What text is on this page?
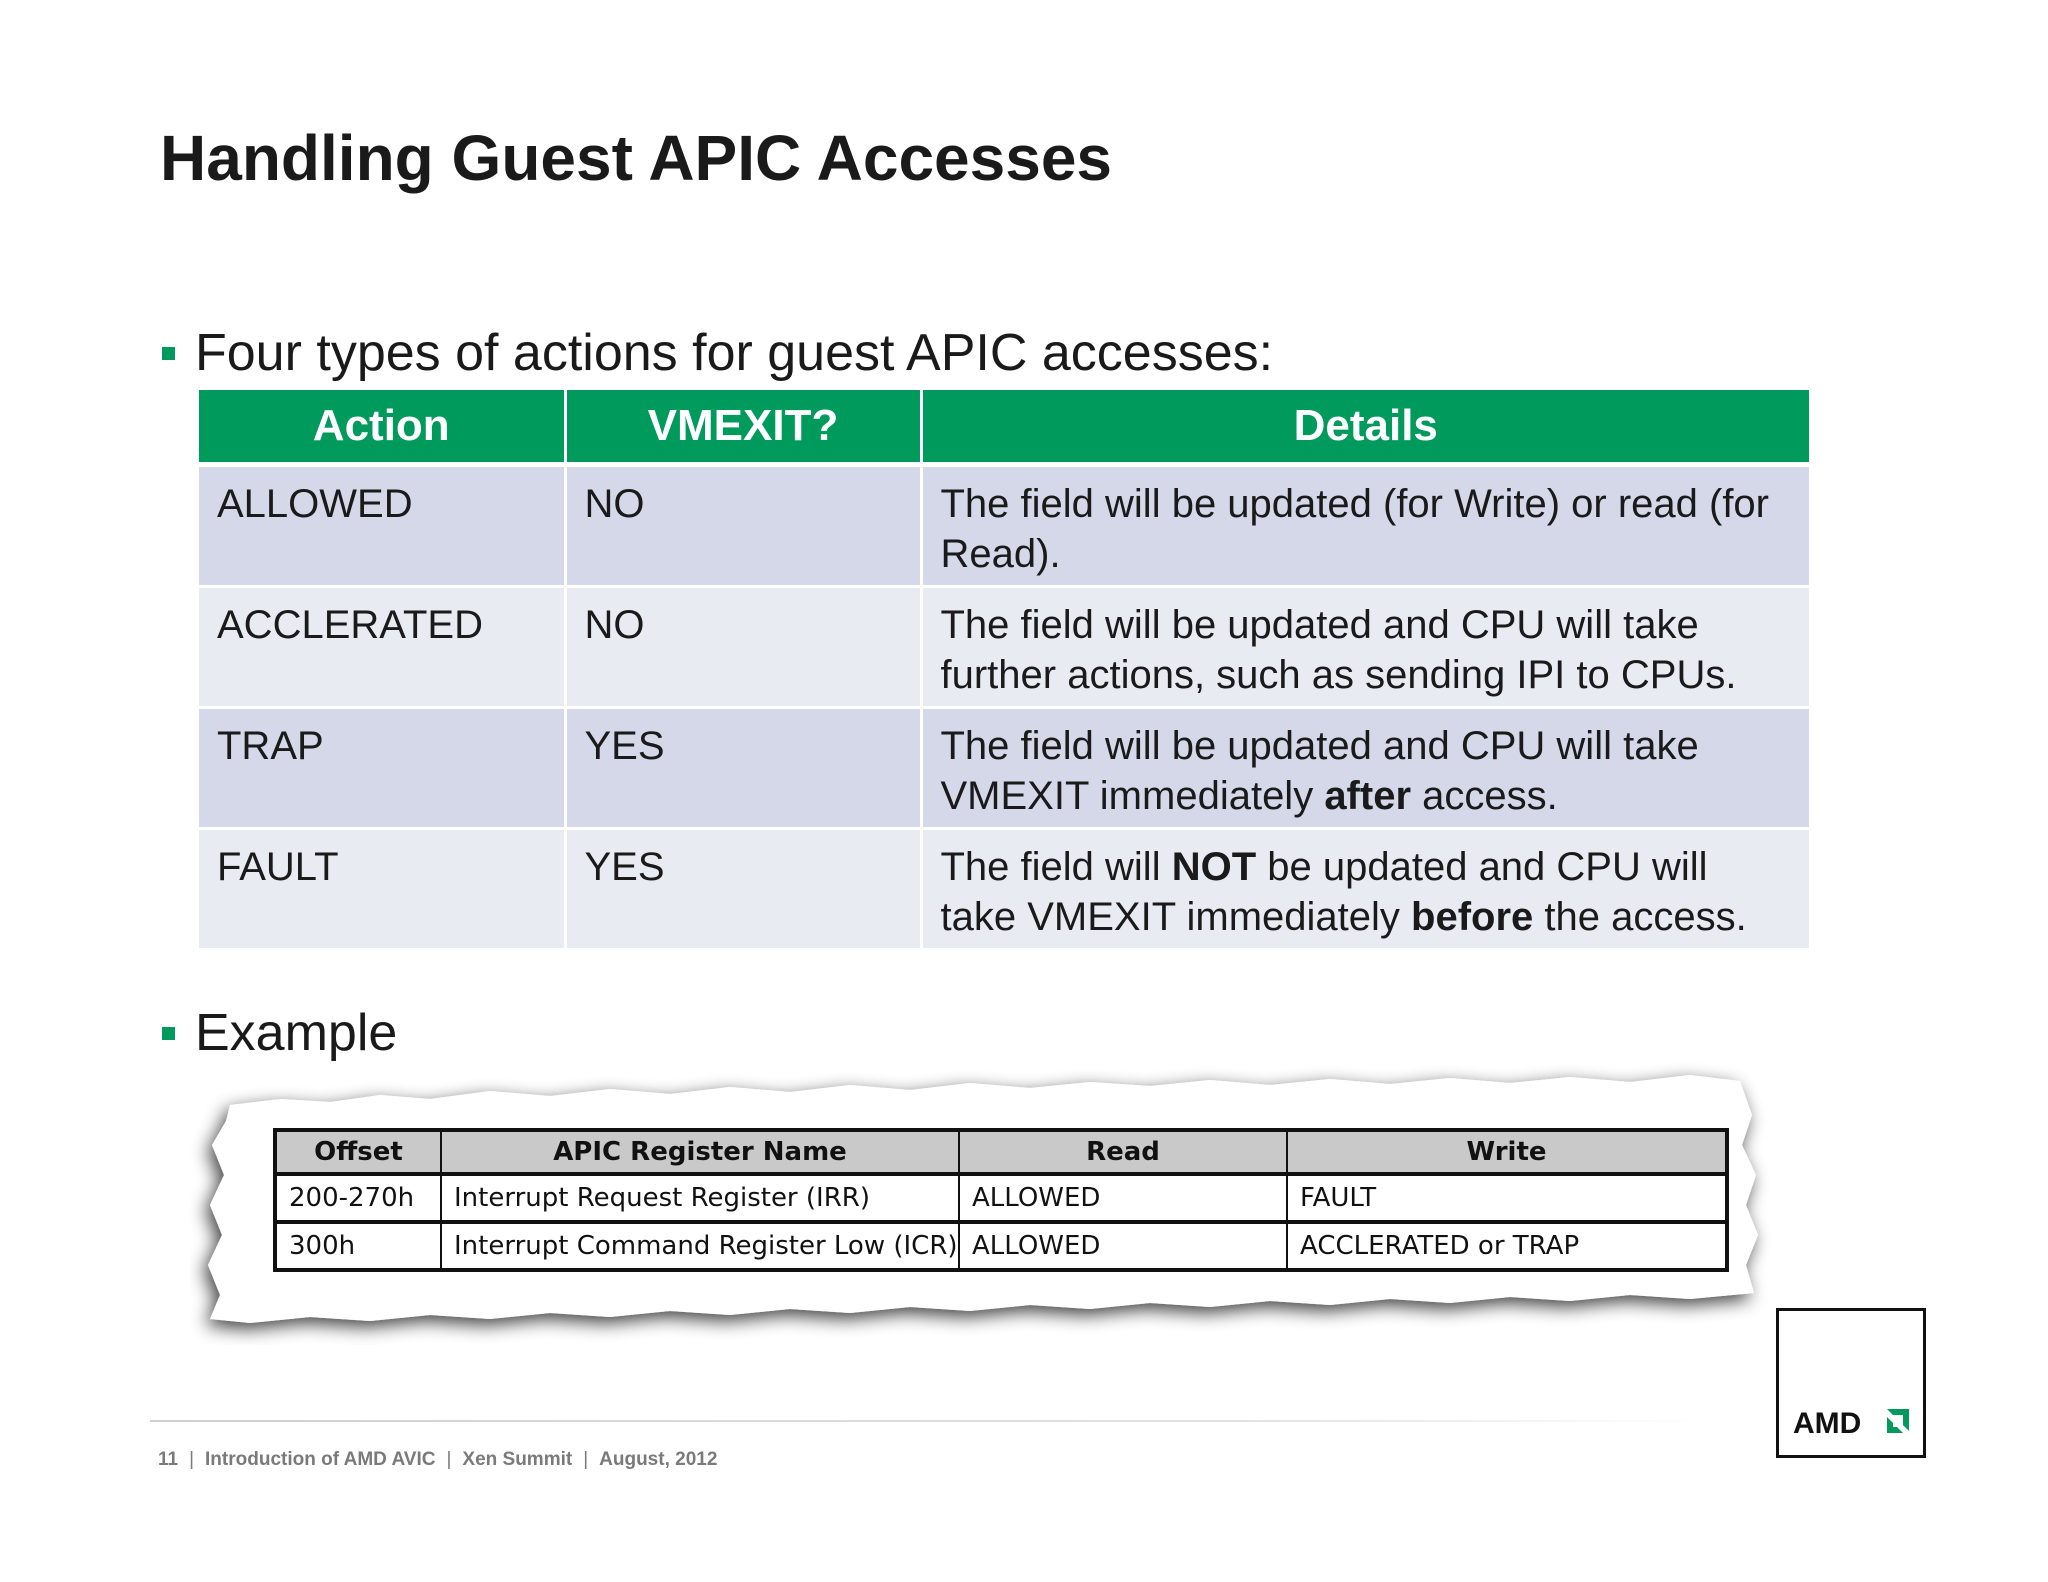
Handling Guest APIC Accesses
Four types of actions for guest APIC accesses:
Action	VMEXIT?	Details
ALLOWED	NO	The field will be updated (for Write) or read (for Read).
ACCLERATED	NO	The field will be updated and CPU will take further actions, such as sending IPI to CPUs.
TRAP	YES	The field will be updated and CPU will take VMEXIT immediately after access.
FAULT	YES	The field will NOT be updated and CPU will take VMEXIT immediately before the access.
Example
Offset	APIC Register Name	Read	Write
200-270h	Interrupt Request Register (IRR)	ALLOWED	FAULT
300h	Interrupt Command Register Low (ICR)	ALLOWED	ACCLERATED or TRAP
11 | Introduction of AMD AVIC | Xen Summit | August, 2012
AMD
